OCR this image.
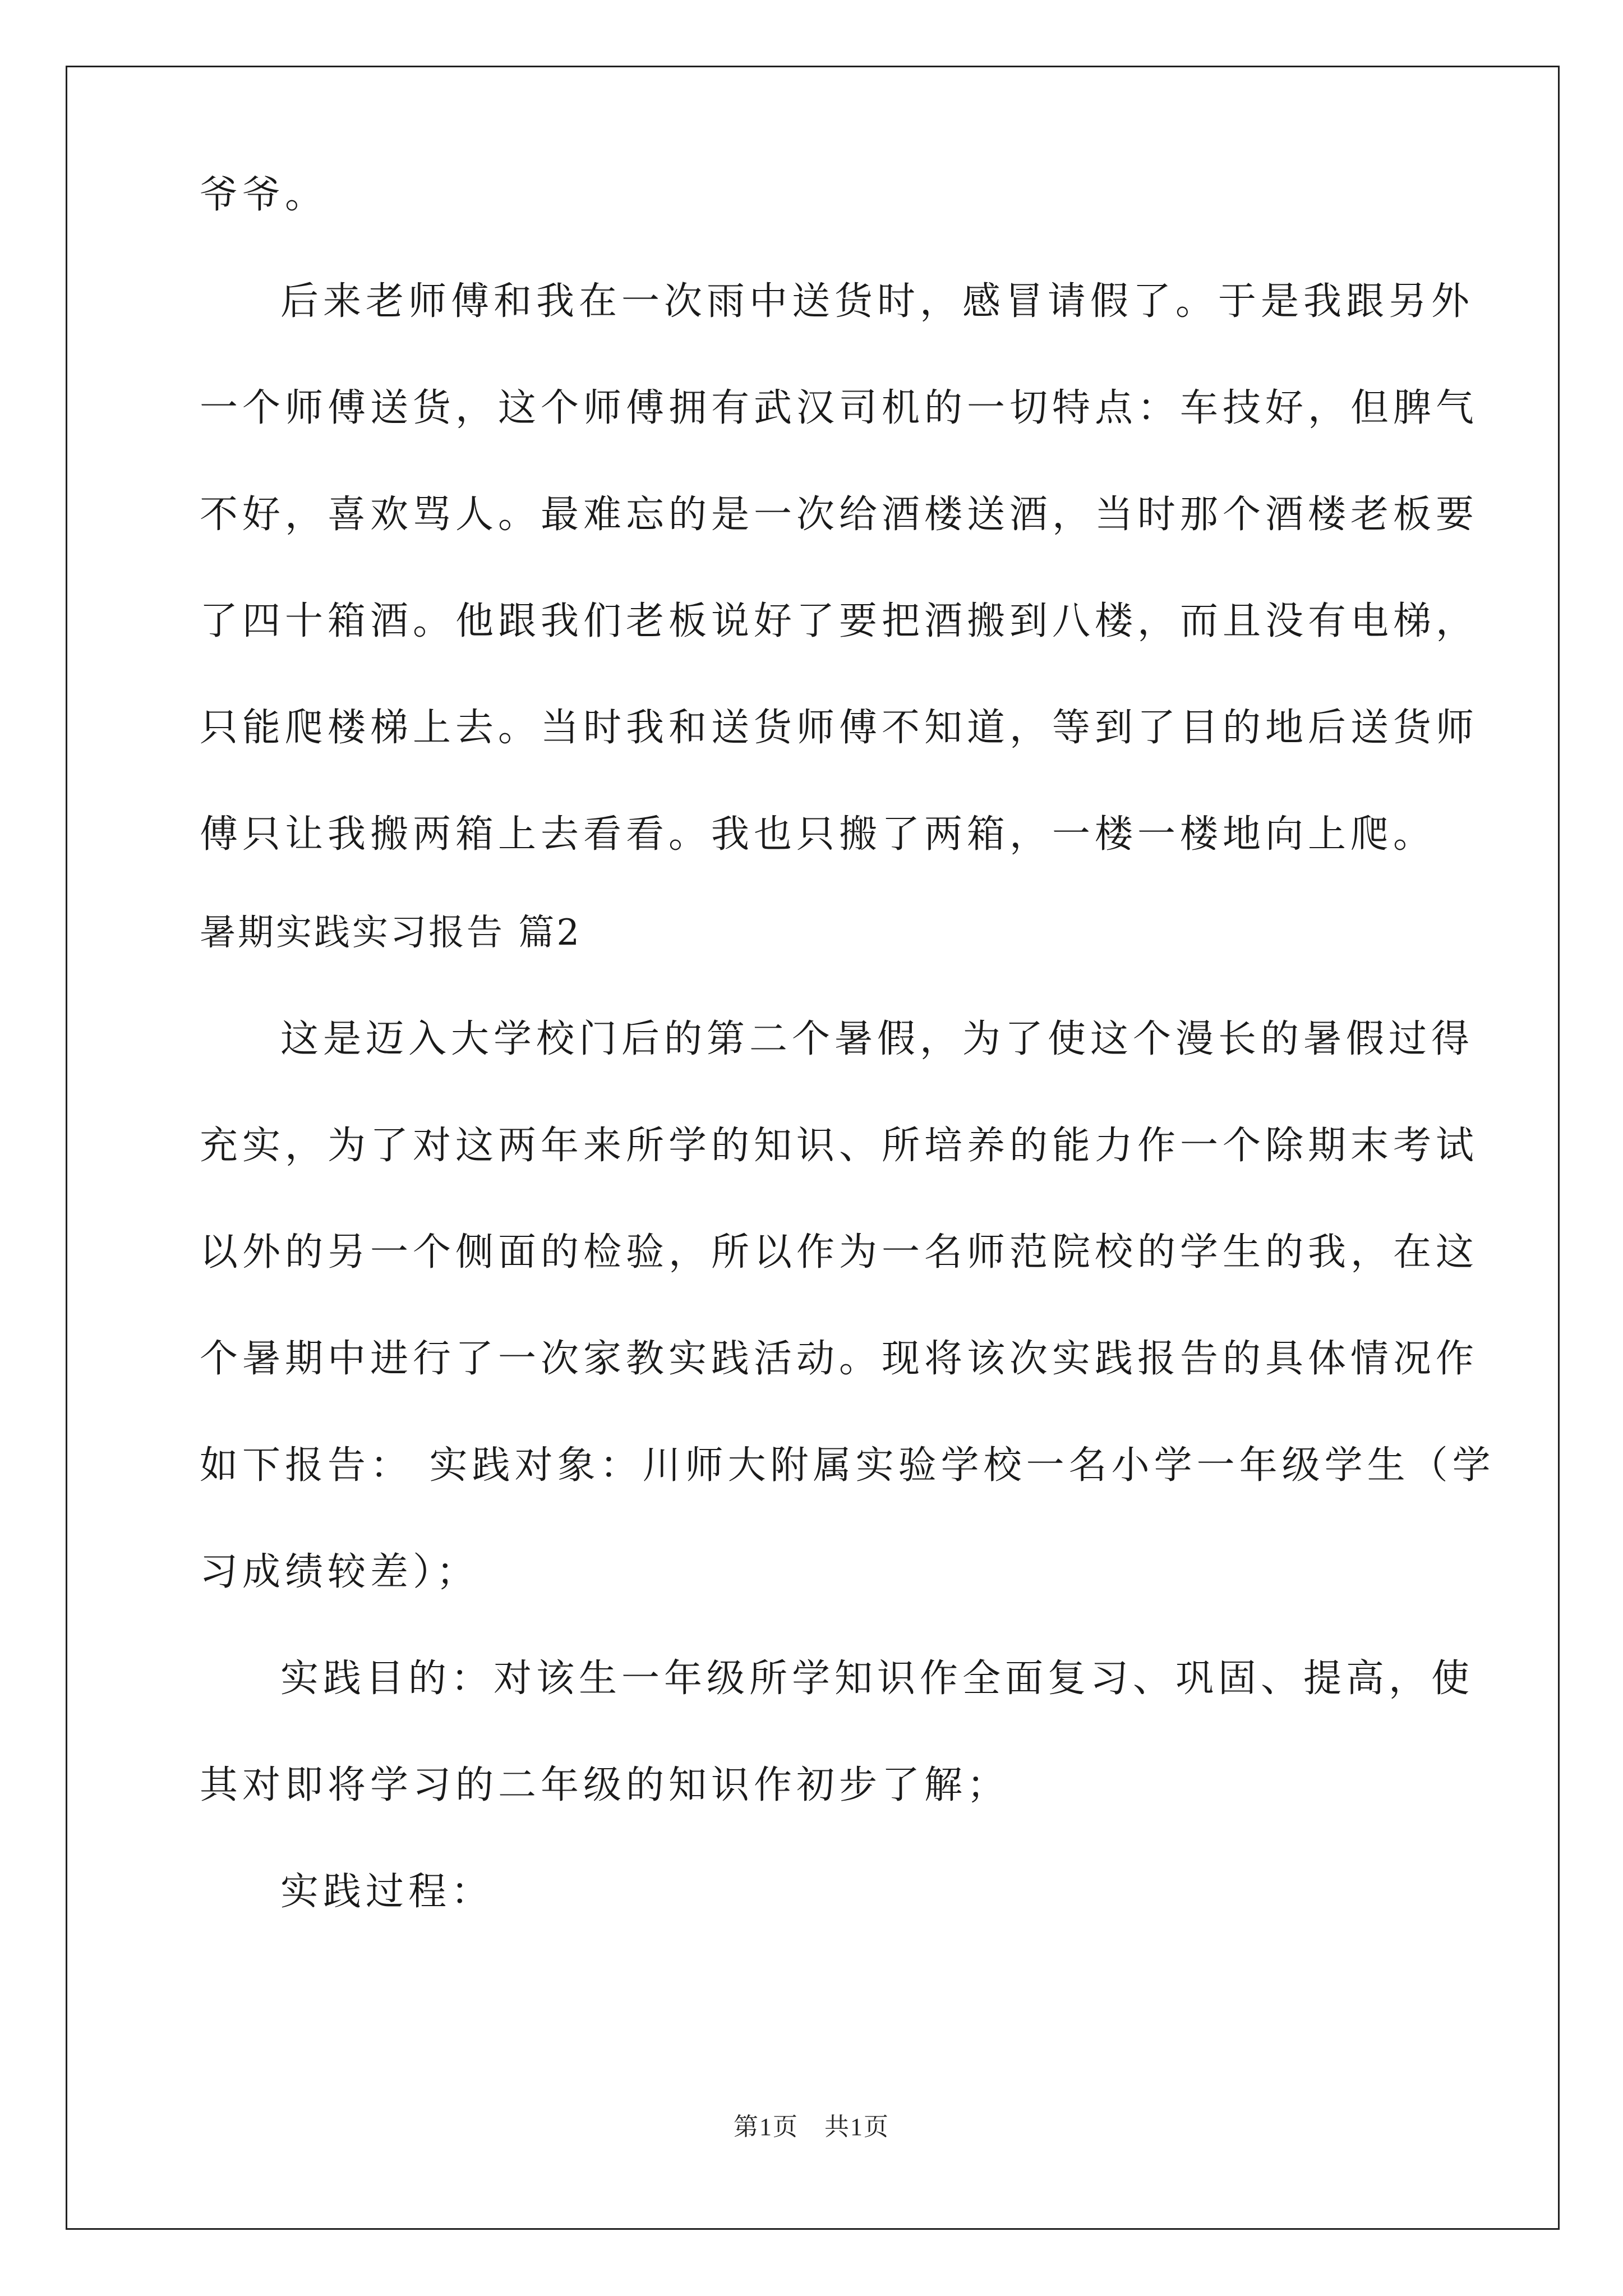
爷爷。
后来老师傅和我在一次雨中送货时，感冒请假了。于是我跟另外
一个师傅送货，这个师傅拥有武汉司机的一切特点：车技好，但脾气
不好，喜欢骂人。最难忘的是一次给酒楼送酒，当时那个酒楼老板要
了四十箱酒。他跟我们老板说好了要把酒搬到八楼，而且没有电梯，
只能爬楼梯上去。当时我和送货师傅不知道，等到了目的地后送货师
傅只让我搬两箱上去看看。我也只搬了两箱，一楼一楼地向上爬。
暑期实践实习报告 篇2
这是迈入大学校门后的第二个暑假，为了使这个漫长的暑假过得
充实，为了对这两年来所学的知识、所培养的能力作一个除期末考试
以外的另一个侧面的检验，所以作为一名师范院校的学生的我，在这
个暑期中进行了一次家教实践活动。现将该次实践报告的具体情况作
如下报告： 实践对象：川师大附属实验学校一名小学一年级学生（学
习成绩较差）；
实践目的：对该生一年级所学知识作全面复习、巩固、提高，使
其对即将学习的二年级的知识作初步了解；
实践过程：
第1页　共1页
